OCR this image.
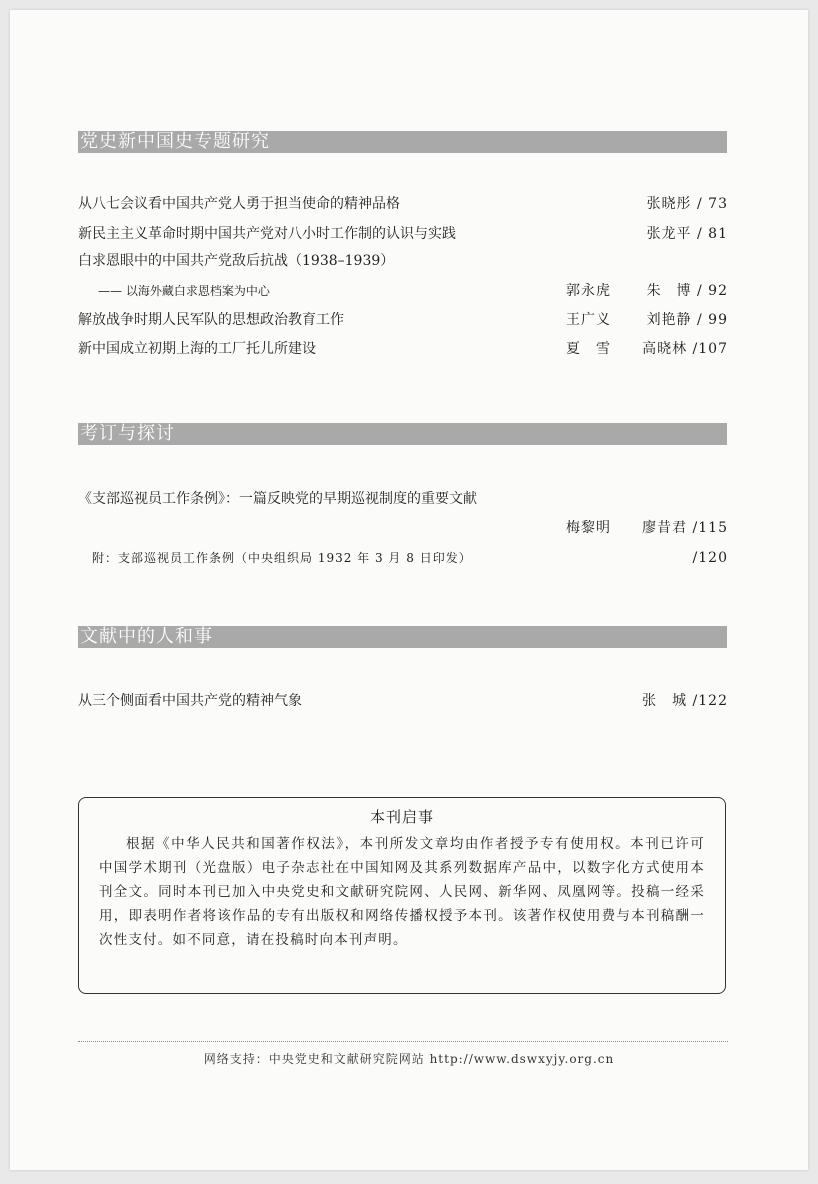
党史新中国史专题研究
从八七会议看中国共产党人勇于担当使命的精神品格	张晓彤 / 73
新民主主义革命时期中国共产党对八小时工作制的认识与实践	张龙平 / 81
白求恩眼中的中国共产党敌后抗战（1938–1939）
—— 以海外藏白求恩档案为中心	郭永虎	朱　博 / 92
解放战争时期人民军队的思想政治教育工作	王广义	刘艳静 / 99
新中国成立初期上海的工厂托儿所建设	夏　雪 高晓林 /107
考订与探讨
《支部巡视员工作条例》：一篇反映党的早期巡视制度的重要文献
梅黎明 廖昔君 /115
附：支部巡视员工作条例（中央组织局 1932 年 3 月 8 日印发）	/120
文献中的人和事
从三个侧面看中国共产党的精神气象	张　城 /122
本刊启事
根据《中华人民共和国著作权法》，本刊所发文章均由作者授予专有使用权。本刊已许可中国学术期刊（光盘版）电子杂志社在中国知网及其系列数据库产品中，以数字化方式使用本刊全文。同时本刊已加入中央党史和文献研究院网、人民网、新华网、凤凰网等。投稿一经采用，即表明作者将该作品的专有出版权和网络传播权授予本刊。该著作权使用费与本刊稿酬一次性支付。如不同意，请在投稿时向本刊声明。
网络支持：中央党史和文献研究院网站 http://www.dswxyjy.org.cn
